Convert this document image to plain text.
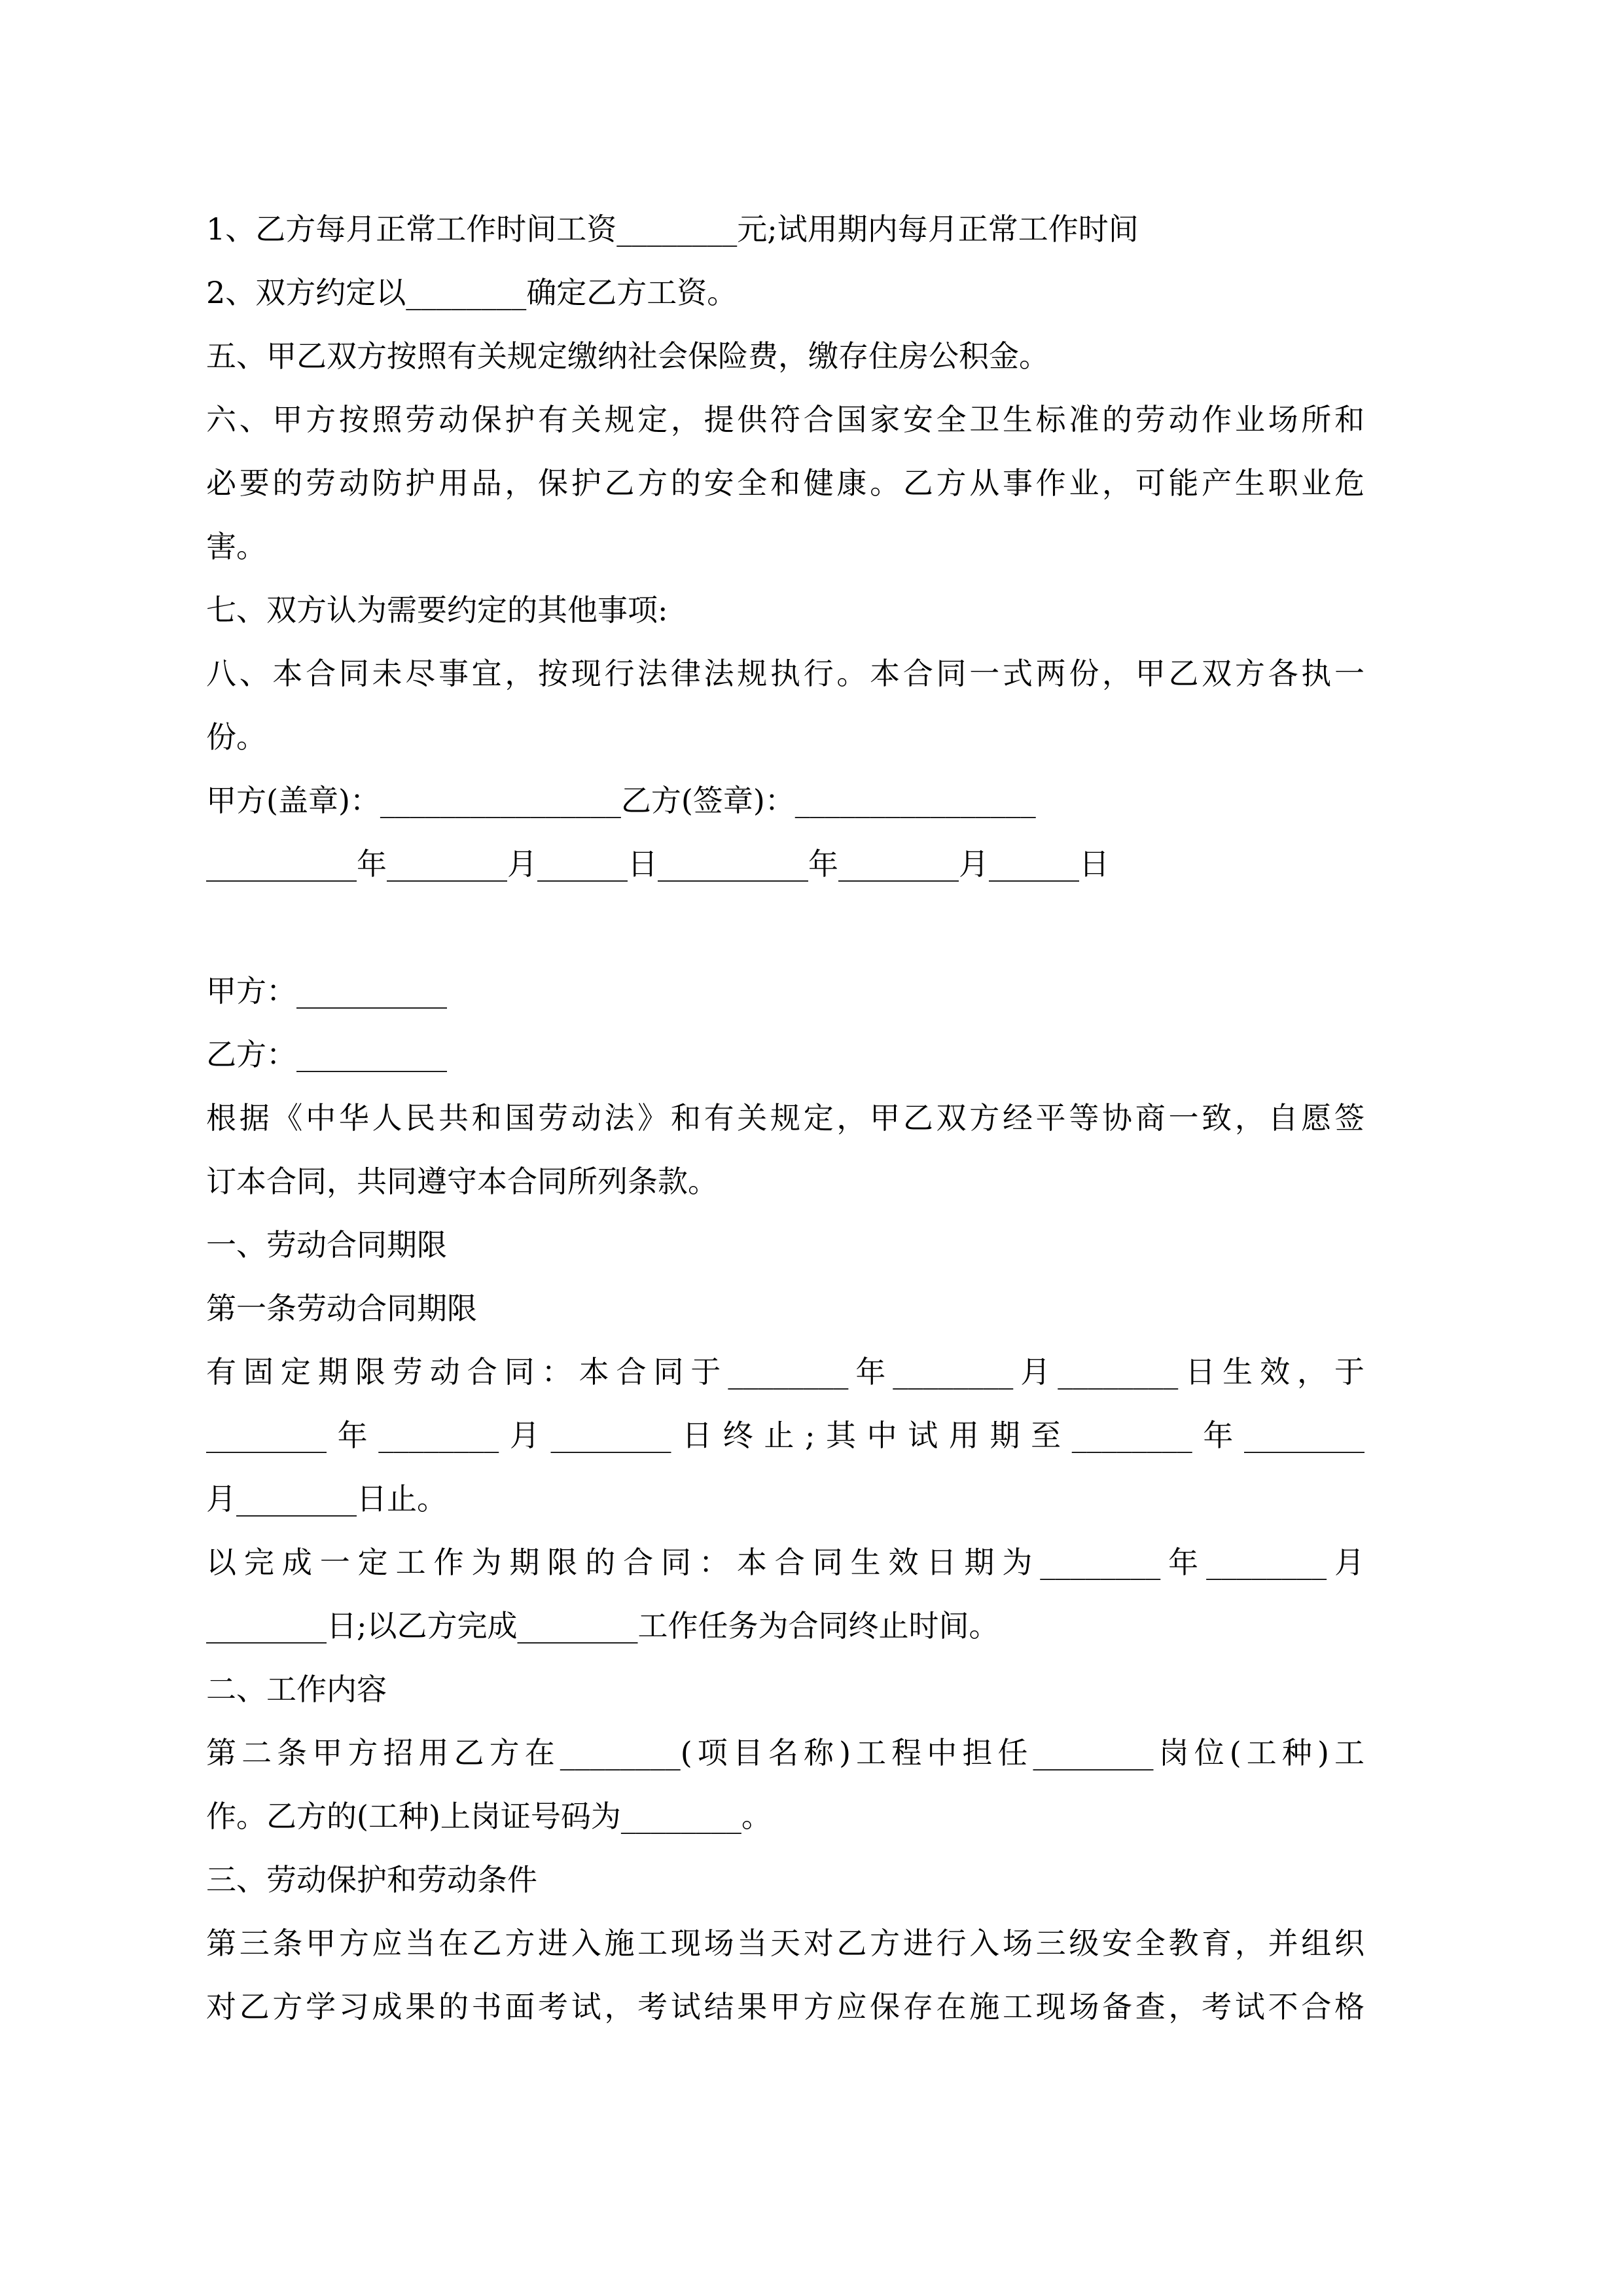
1、乙方每月正常工作时间工资________元;试用期内每月正常工作时间
2、双方约定以________确定乙方工资。
五、甲乙双方按照有关规定缴纳社会保险费，缴存住房公积金。
六、甲方按照劳动保护有关规定，提供符合国家安全卫生标准的劳动作业场所和
必要的劳动防护用品，保护乙方的安全和健康。乙方从事作业，可能产生职业危
害。
七、双方认为需要约定的其他事项:
八、本合同未尽事宜，按现行法律法规执行。本合同一式两份，甲乙双方各执一
份。
甲方(盖章)：________________乙方(签章)：________________
__________年________月______日__________年________月______日
甲方：__________
乙方：__________
根据《中华人民共和国劳动法》和有关规定，甲乙双方经平等协商一致，自愿签
订本合同，共同遵守本合同所列条款。
一、劳动合同期限
第一条劳动合同期限
有固定期限劳动合同：本合同于________年________月________日生效，于
________年________月________日终止;其中试用期至________年________
月________日止。
以完成一定工作为期限的合同：本合同生效日期为________年________月
________日;以乙方完成________工作任务为合同终止时间。
二、工作内容
第二条甲方招用乙方在________(项目名称)工程中担任________岗位(工种)工
作。乙方的(工种)上岗证号码为________。
三、劳动保护和劳动条件
第三条甲方应当在乙方进入施工现场当天对乙方进行入场三级安全教育，并组织
对乙方学习成果的书面考试，考试结果甲方应保存在施工现场备查，考试不合格
